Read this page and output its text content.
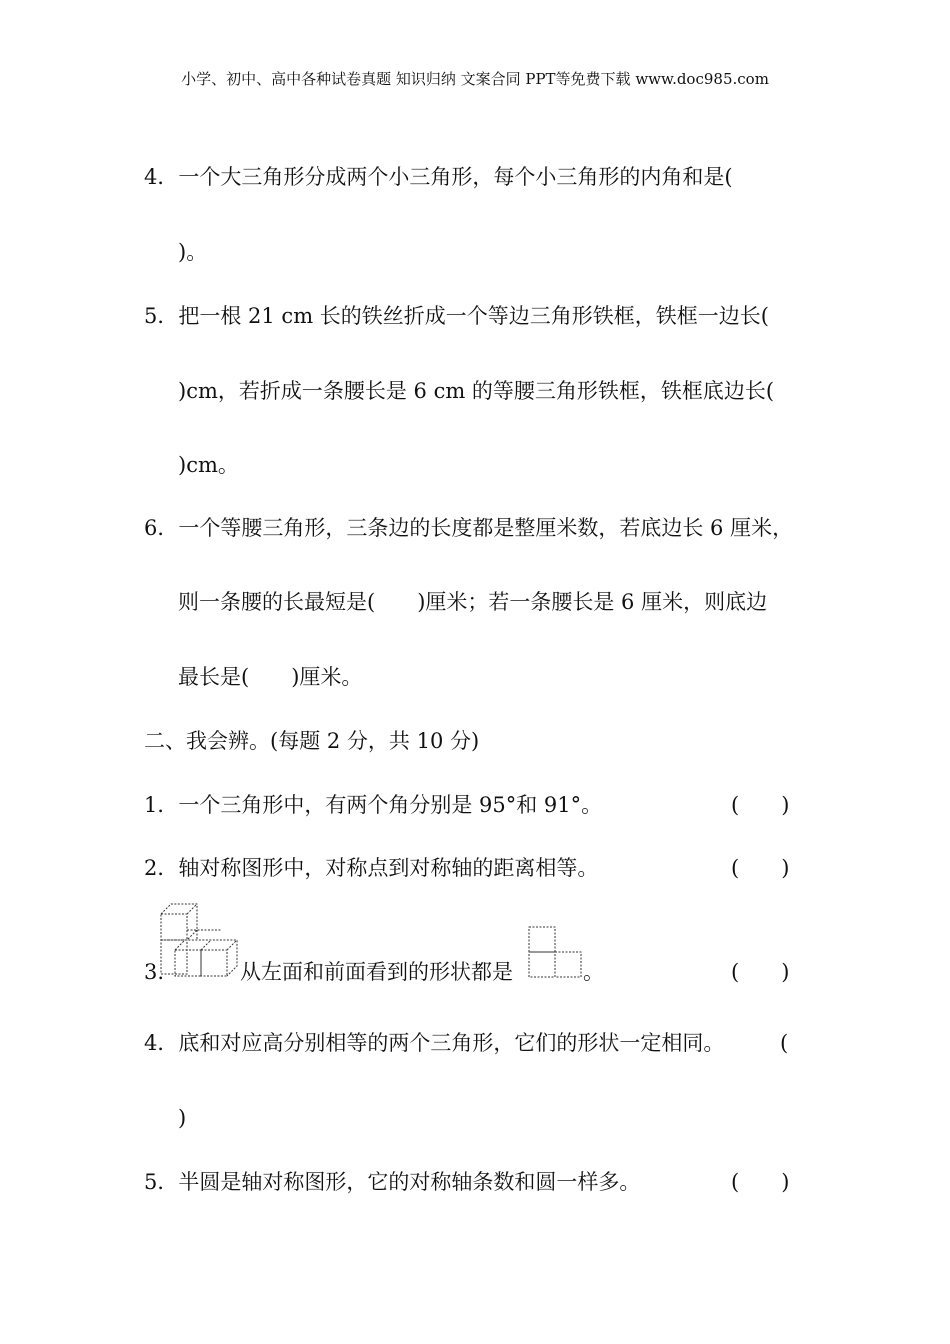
小学、初中、高中各种试卷真题 知识归纳 文案合同 PPT等免费下载 www.doc985.com
4．一个大三角形分成两个小三角形，每个小三角形的内角和是(
)。
5．把一根 21 cm 长的铁丝折成一个等边三角形铁框，铁框一边长(
)cm，若折成一条腰长是 6 cm 的等腰三角形铁框，铁框底边长(
)cm。
6．一个等腰三角形，三条边的长度都是整厘米数，若底边长 6 厘米，
则一条腰的长最短是(　　)厘米；若一条腰长是 6 厘米，则底边
最长是(　　)厘米。
二、我会辨。(每题 2 分，共 10 分)
1．一个三角形中，有两个角分别是 95°和 91°。	(　　)
2．轴对称图形中，对称点到对称轴的距离相等。	(　　)
3.	从左面和前面看到的形状都是	。	(　　)
4．底和对应高分别相等的两个三角形，它们的形状一定相同。	(
)
5．半圆是轴对称图形，它的对称轴条数和圆一样多。	(　　)
